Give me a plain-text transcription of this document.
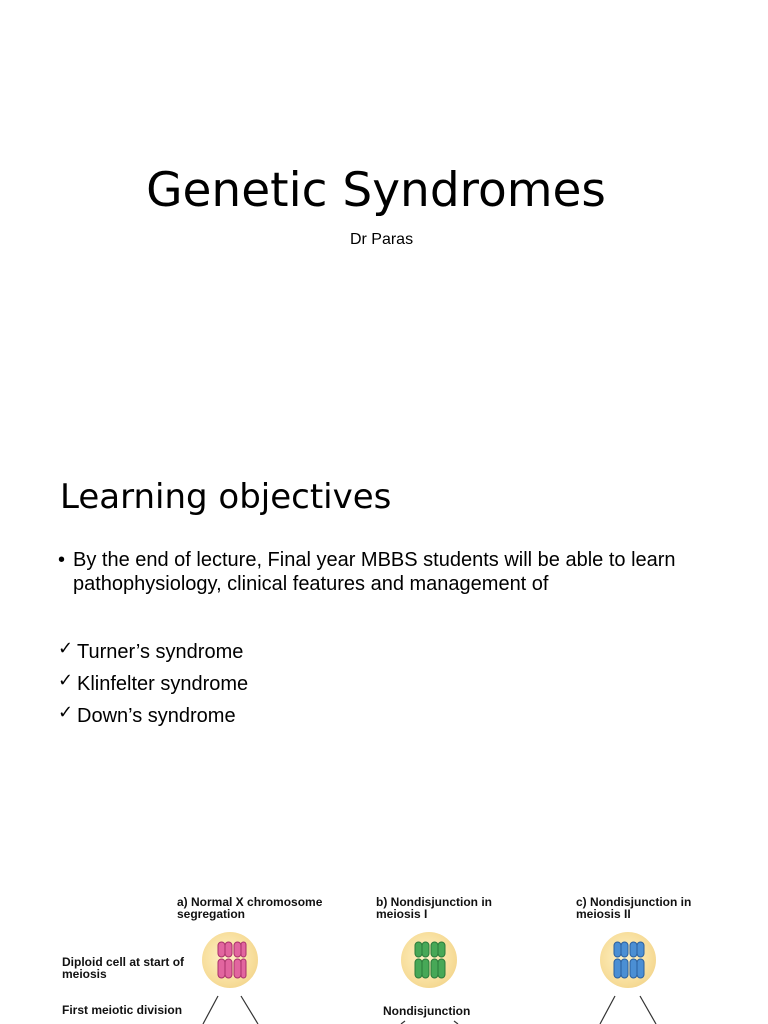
Genetic Syndromes
Dr Paras
Learning objectives
• By the end of lecture, Final year MBBS students will be able to learn pathophysiology, clinical features and management of
✓ Turner’s syndrome
✓ Klinfelter syndrome
✓ Down’s syndrome
a) Normal X chromosome segregation
b) Nondisjunction in meiosis I
c) Nondisjunction in meiosis II
Diploid cell at start of meiosis
First meiotic division	Nondisjunction
